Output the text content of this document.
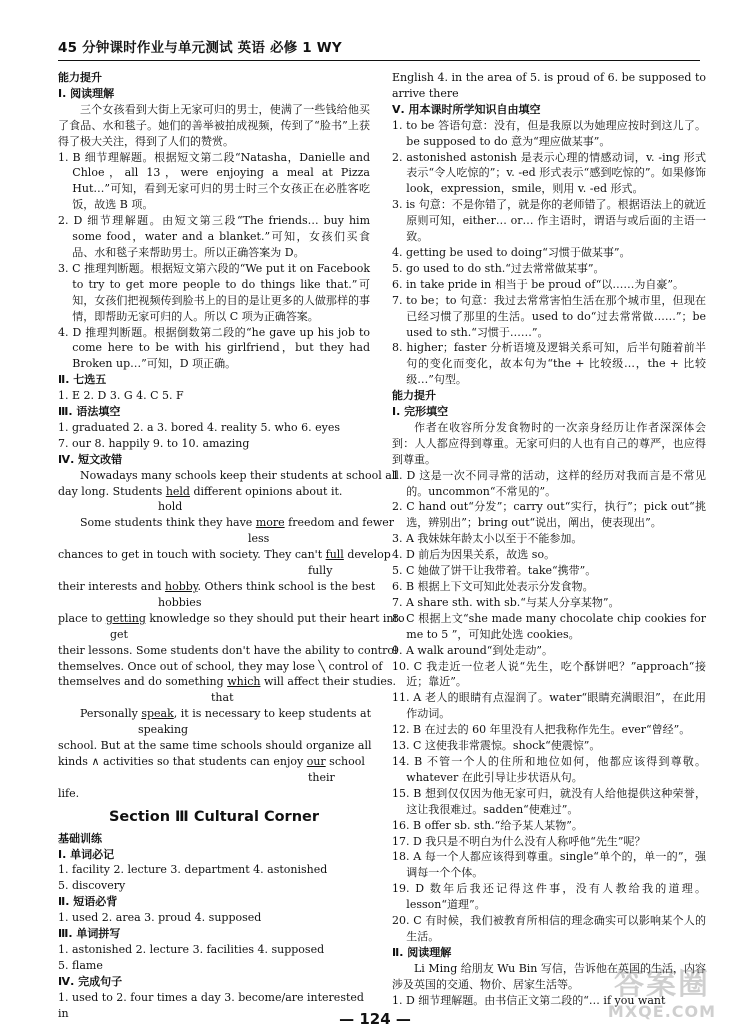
45 分钟课时作业与单元测试 英语 必修 1 WY
能力提升
Ⅰ. 阅读理解
三个女孩看到大街上无家可归的男士，使满了一些钱给他买了食品、水和毯子。她们的善举被拍成视频，传到了“脸书”上获得了极大关注，得到了人们的赞赏。
1. B 细节理解题。根据短文第二段“Natasha，Danielle and Chloe，all 13，were enjoying a meal at Pizza Hut…”可知，看到无家可归的男士时三个女孩正在必胜客吃饭，故选 B 项。
2. D 细节理解题。由短文第三段“The friends… buy him some food，water and a blanket.”可知，女孩们买食品、水和毯子来帮助男士。所以正确答案为 D。
3. C 推理判断题。根据短文第六段的“We put it on Facebook to try to get more people to do things like that.”可知，女孩们把视频传到脸书上的目的是让更多的人做那样的事情，即帮助无家可归的人。所以 C 项为正确答案。
4. D 推理判断题。根据倒数第二段的“he gave up his job to come here to be with his girlfriend，but they had Broken up…”可知，D 项正确。
Ⅱ. 七选五
1. E 2. D 3. G 4. C 5. F
Ⅲ. 语法填空
1. graduated 2. a 3. bored 4. reality 5. who 6. eyes
7. our 8. happily 9. to 10. amazing
Ⅳ. 短文改错
Nowadays many schools keep their students at school all
day long. Students held different opinions about it.
hold
Some students think they have more freedom and fewer
less
chances to get in touch with society. They can't full develop
fully
their interests and hobby. Others think school is the best
hobbies
place to getting knowledge so they should put their heart into
get
their lessons. Some students don't have the ability to control
themselves. Once out of school, they may lose ╲ control of
themselves and do something which will affect their studies.
that
Personally speak, it is necessary to keep students at
speaking
school. But at the same time schools should organize all
kinds ∧ activities so that students can enjoy our school
their
life.
Section Ⅲ Cultural Corner
基础训练
Ⅰ. 单词必记
1. facility 2. lecture 3. department 4. astonished
5. discovery
Ⅱ. 短语必背
1. used 2. area 3. proud 4. supposed
Ⅲ. 单词拼写
1. astonished 2. lecture 3. facilities 4. supposed
5. flame
Ⅳ. 完成句子
1. used to 2. four times a day 3. become/are interested in
English 4. in the area of 5. is proud of 6. be supposed to arrive there
Ⅴ. 用本课时所学知识自由填空
1. to be 答语句意：没有，但是我原以为她理应按时到这儿了。be supposed to do 意为“理应做某事”。
2. astonished astonish 是表示心理的情感动词，v. -ing 形式表示“令人吃惊的”；v. -ed 形式表示“感到吃惊的”。如果修饰 look，expression，smile，则用 v. -ed 形式。
3. is 句意：不是你错了，就是你的老师错了。根据语法上的就近原则可知，either… or… 作主语时，谓语与或后面的主语一致。
4. getting be used to doing“习惯于做某事”。
5. go used to do sth.“过去常常做某事”。
6. in take pride in 相当于 be proud of“以……为自豪”。
7. to be；to 句意：我过去常常害怕生活在那个城市里，但现在已经习惯了那里的生活。used to do“过去常常做……”；be used to sth.“习惯于……”。
8. higher；faster 分析语境及逻辑关系可知，后半句随着前半句的变化而变化，故本句为“the + 比较级…，the + 比较级…”句型。
能力提升
Ⅰ. 完形填空
作者在收容所分发食物时的一次亲身经历让作者深深体会到：人人都应得到尊重。无家可归的人也有自己的尊严，也应得到尊重。
1. D 这是一次不同寻常的活动，这样的经历对我而言是不常见的。uncommon“不常见的”。
2. C hand out“分发”；carry out“实行，执行”；pick out“挑选，辨别出”；bring out“说出，阐出，使表现出”。
3. A 我妹妹年龄太小以至于不能参加。
4. D 前后为因果关系，故选 so。
5. C 她做了饼干让我带着。take“携带”。
6. B 根据上下文可知此处表示分发食物。
7. A share sth. with sb.“与某人分享某物”。
8. C 根据上文“she made many chocolate chip cookies for me to 5 ”，可知此处选 cookies。
9. A walk around“到处走动”。
10. C 我走近一位老人说“先生，吃个酥饼吧？”approach“接近；靠近”。
11. A 老人的眼睛有点湿润了。water“眼睛充满眼泪”，在此用作动词。
12. B 在过去的 60 年里没有人把我称作先生。ever“曾经”。
13. C 这使我非常震惊。shock“使震惊”。
14. B 不管一个人的住所和地位如何，他都应该得到尊敬。whatever 在此引导让步状语从句。
15. B 想到仅仅因为他无家可归，就没有人给他提供这种荣誉，这让我很难过。sadden“使难过”。
16. B offer sb. sth.“给予某人某物”。
17. D 我只是不明白为什么没有人称呼他“先生”呢？
18. A 每一个人都应该得到尊重。single“单个的，单一的”，强调每一个个体。
19. D 数年后我还记得这件事，没有人教给我的道理。lesson“道理”。
20. C 有时候，我们被教育所相信的理念确实可以影响某个人的生活。
Ⅱ. 阅读理解
Li Ming 给朋友 Wu Bin 写信，告诉他在英国的生活，内容涉及英国的交通、物价、居家生活等。
1. D 细节理解题。由书信正文第二段的“… if you want
— 124 —
答案圈
MXQE.COM
